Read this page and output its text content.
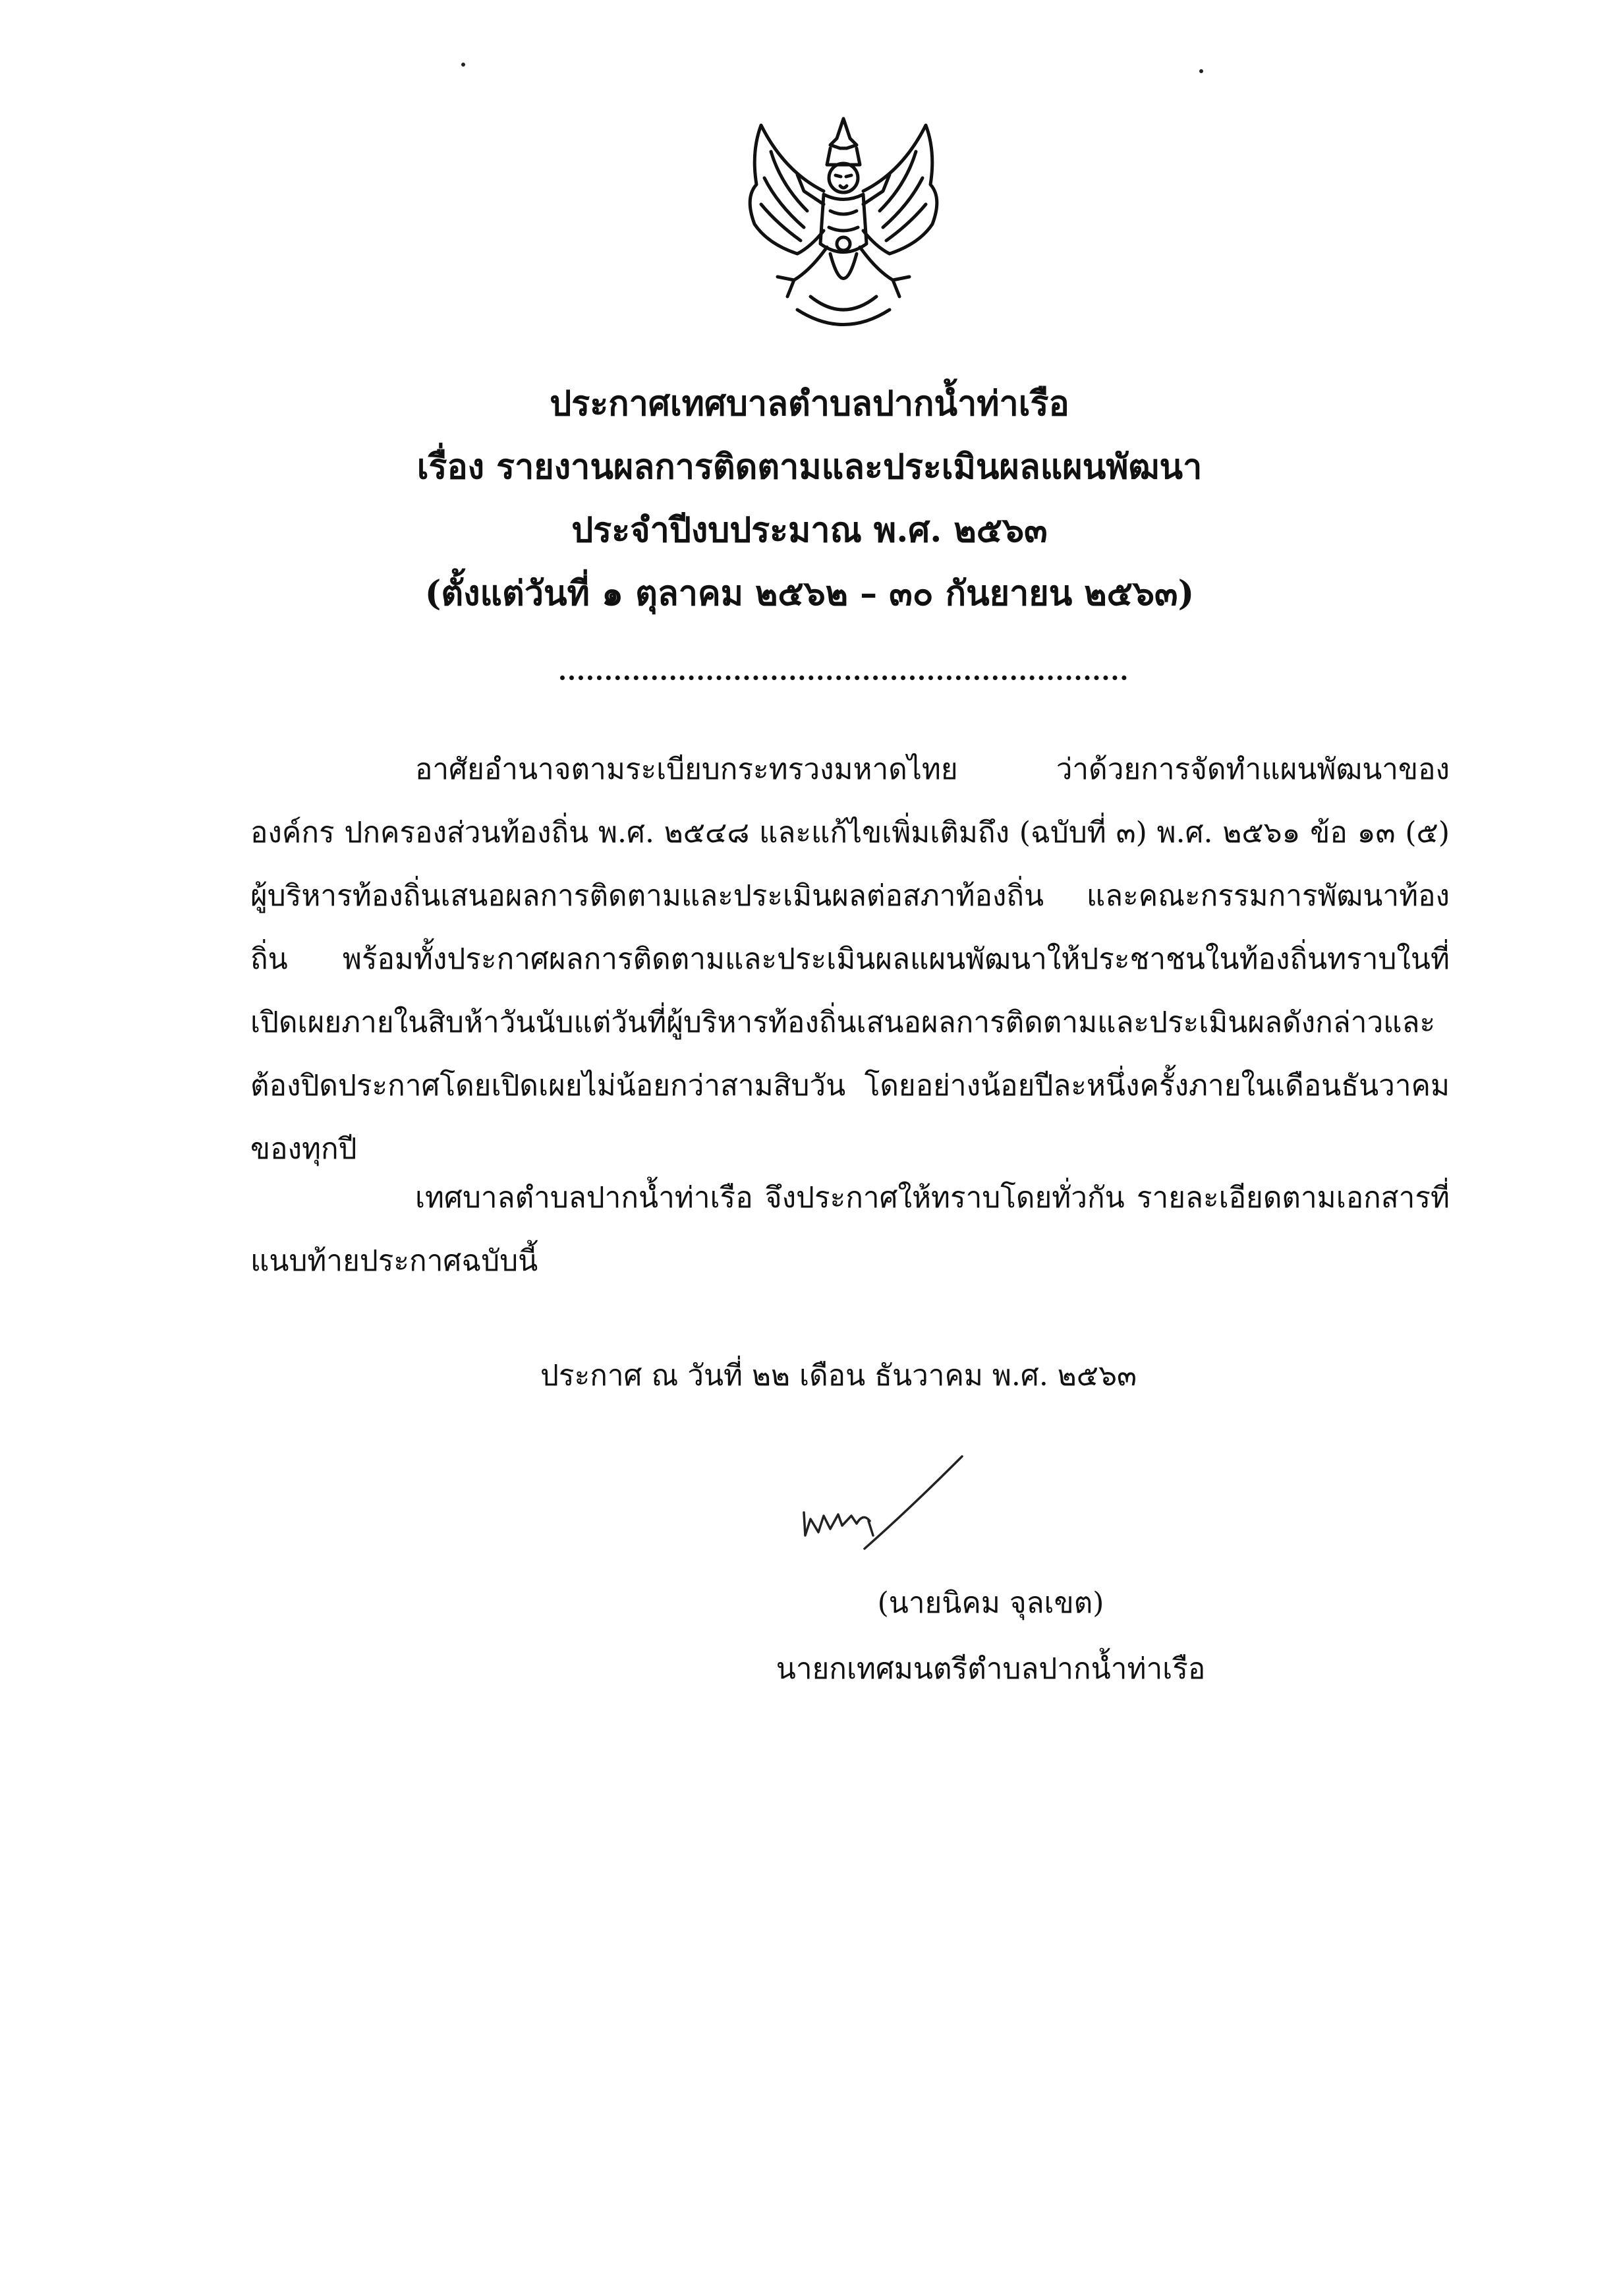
ประกาศเทศบาลตำบลปากน้ำท่าเรือ
เรื่อง รายงานผลการติดตามและประเมินผลแผนพัฒนา
ประจำปีงบประมาณ พ.ศ. ๒๕๖๓
(ตั้งแต่วันที่ ๑ ตุลาคม ๒๕๖๒ – ๓๐ กันยายน ๒๕๖๓)
อาศัยอำนาจตามระเบียบกระทรวงมหาดไทย ว่าด้วยการจัดทำแผนพัฒนาของ องค์กร ปกครองส่วนท้องถิ่น พ.ศ. ๒๕๔๘ และแก้ไขเพิ่มเติมถึง (ฉบับที่ ๓) พ.ศ. ๒๕๖๑ ข้อ ๑๓ (๕) ผู้บริหารท้องถิ่นเสนอผลการติดตามและประเมินผลต่อสภาท้องถิ่น และคณะกรรมการพัฒนาท้องถิ่น พร้อมทั้งประกาศผลการติดตามและประเมินผลแผนพัฒนาให้ประชาชนในท้องถิ่นทราบในที่เปิดเผยภายในสิบห้าวันนับแต่วันที่ผู้บริหารท้องถิ่นเสนอผลการติดตามและประเมินผลดังกล่าวและต้องปิดประกาศโดยเปิดเผยไม่น้อยกว่าสามสิบวัน โดยอย่างน้อยปีละหนึ่งครั้งภายในเดือนธันวาคมของทุกปี
เทศบาลตำบลปากน้ำท่าเรือ จึงประกาศให้ทราบโดยทั่วกัน รายละเอียดตามเอกสารที่แนบท้ายประกาศฉบับนี้
ประกาศ ณ วันที่ ๒๒ เดือน ธันวาคม พ.ศ. ๒๕๖๓
(นายนิคม จุลเขต)
นายกเทศมนตรีตำบลปากน้ำท่าเรือ
